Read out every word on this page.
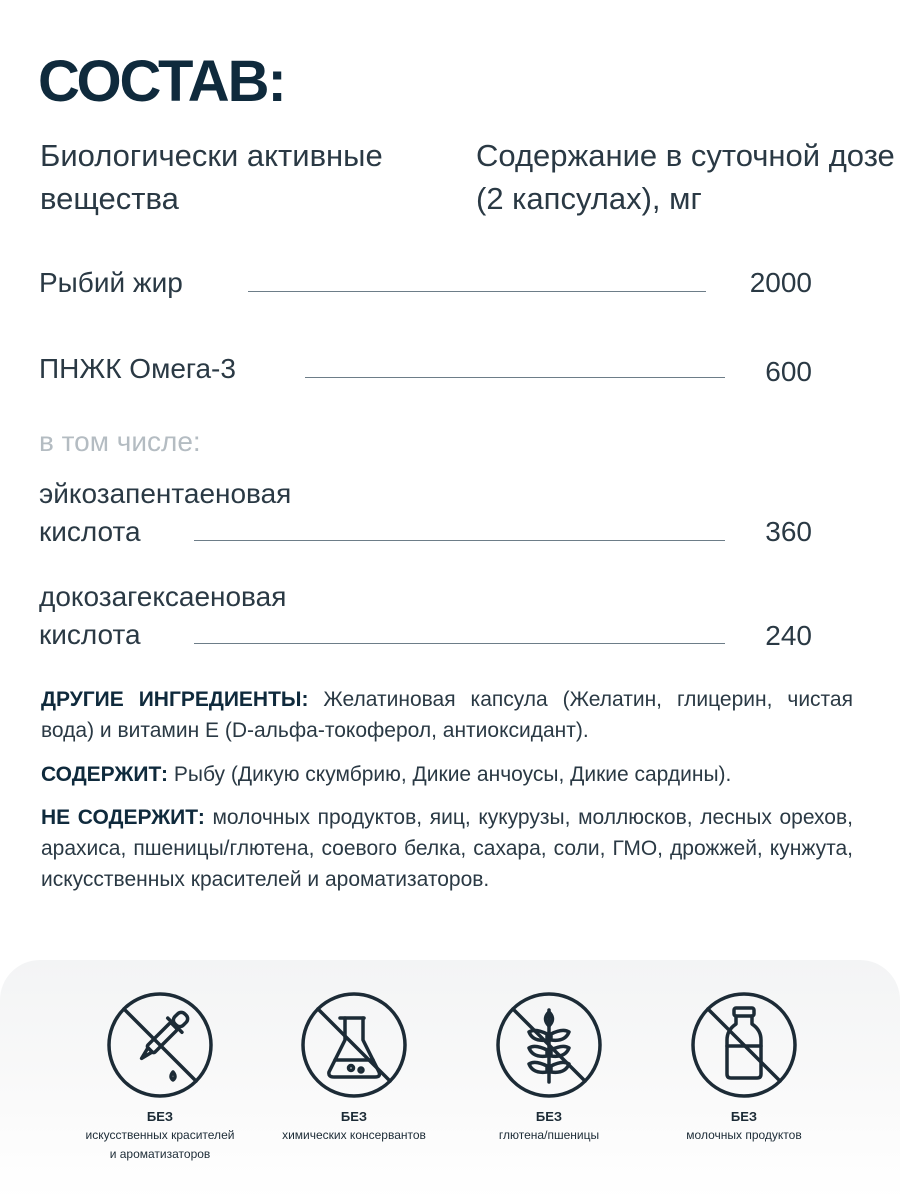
СОСТАВ:
Биологически активные вещества
Содержание в суточной дозе (2 капсулах), мг
Рыбий жир	2000
ПНЖК Омега-3	600
в том числе:
эйкозапентаеновая кислота	360
докозагексаеновая кислота	240
ДРУГИЕ ИНГРЕДИЕНТЫ: Желатиновая капсула (Желатин, глицерин, чистая вода) и витамин Е (D-альфа-токоферол, антиоксидант).
СОДЕРЖИТ: Рыбу (Дикую скумбрию, Дикие анчоусы, Дикие сардины).
НЕ СОДЕРЖИТ: молочных продуктов, яиц, кукурузы, моллюсков, лесных орехов, арахиса, пшеницы/глютена, соевого белка, сахара, соли, ГМО, дрожжей, кунжута, искусственных красителей и ароматизаторов.
БЕЗ
искусственных красителей и ароматизаторов
БЕЗ
химических консервантов
БЕЗ
глютена/пшеницы
БЕЗ
молочных продуктов
